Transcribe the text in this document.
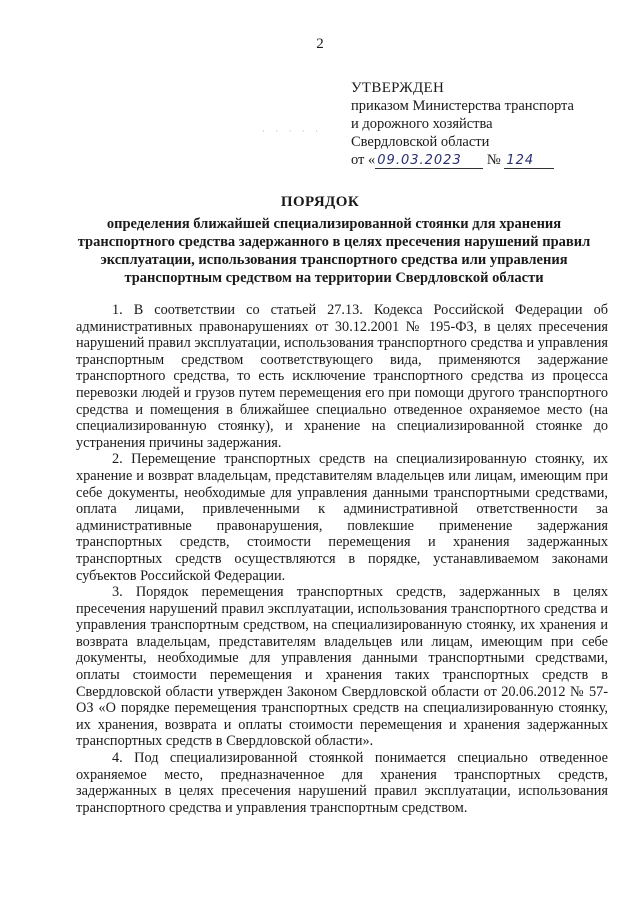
2
· · · · ·
УТВЕРЖДЕН
приказом Министерства транспорта
и дорожного хозяйства
Свердловской области
от « 09.03.2023 № 124
ПОРЯДОК
определения ближайшей специализированной стоянки для хранения транспортного средства задержанного в целях пресечения нарушений правил эксплуатации, использования транспортного средства или управления транспортным средством на территории Свердловской области

1. В соответствии со статьей 27.13. Кодекса Российской Федерации об административных правонарушениях от 30.12.2001 № 195-ФЗ, в целях пресечения нарушений правил эксплуатации, использования транспортного средства и управления транспортным средством соответствующего вида, применяются задержание транспортного средства, то есть исключение транспортного средства из процесса перевозки людей и грузов путем перемещения его при помощи другого транспортного средства и помещения в ближайшее специально отведенное охраняемое место (на специализированную стоянку), и хранение на специализированной стоянке до устранения причины задержания.

2. Перемещение транспортных средств на специализированную стоянку, их хранение и возврат владельцам, представителям владельцев или лицам, имеющим при себе документы, необходимые для управления данными транспортными средствами, оплата лицами, привлеченными к административной ответственности за административные правонарушения, повлекшие применение задержания транспортных средств, стоимости перемещения и хранения задержанных транспортных средств осуществляются в порядке, устанавливаемом законами субъектов Российской Федерации.

3. Порядок перемещения транспортных средств, задержанных в целях пресечения нарушений правил эксплуатации, использования транспортного средства и управления транспортным средством, на специализированную стоянку, их хранения и возврата владельцам, представителям владельцев или лицам, имеющим при себе документы, необходимые для управления данными транспортными средствами, оплаты стоимости перемещения и хранения таких транспортных средств в Свердловской области утвержден Законом Свердловской области от 20.06.2012 № 57-ОЗ «О порядке перемещения транспортных средств на специализированную стоянку, их хранения, возврата и оплаты стоимости перемещения и хранения задержанных транспортных средств в Свердловской области».

4. Под специализированной стоянкой понимается специально отведенное охраняемое место, предназначенное для хранения транспортных средств, задержанных в целях пресечения нарушений правил эксплуатации, использования транспортного средства и управления транспортным средством.
